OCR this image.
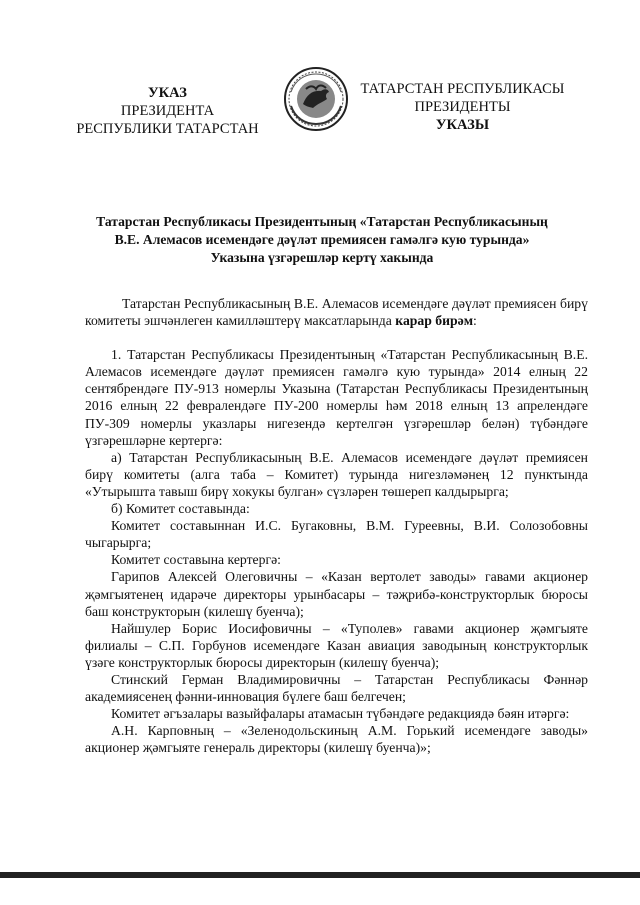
УКАЗ
ПРЕЗИДЕНТА
РЕСПУБЛИКИ ТАТАРСТАН
ТАТАРСТАН РЕСПУБЛИКАСЫ
ПРЕЗИДЕНТЫ
УКАЗЫ
Татарстан Республикасы Президентының «Татарстан Республикасының
В.Е. Алемасов исемендәге дәүләт премиясен гамәлгә кую турында»
Указына үзгәрешләр кертү хакында

Татарстан Республикасының В.Е. Алемасов исемендәге дәүләт премиясен бирү комитеты эшчәнлеген камилләштерү максатларында карар бирәм:

1. Татарстан Республикасы Президентының «Татарстан Республикасының В.Е. Алемасов исемендәге дәүләт премиясен гамәлгә кую турында» 2014 елның 22 сентябрендәге ПУ-913 номерлы Указына (Татарстан Республикасы Президентының 2016 елның 22 февралендәге ПУ-200 номерлы һәм 2018 елның 13 апрелендәге ПУ-309 номерлы указлары нигезендә кертелгән үзгәрешләр белән) түбәндәге үзгәрешләрне кертергә:

а) Татарстан Республикасының В.Е. Алемасов исемендәге дәүләт премиясен бирү комитеты (алга таба – Комитет) турында нигезләмәнең 12 пунктында «Утырышта тавыш бирү хокукы булган» сүзләрен төшереп калдырырга;

б) Комитет составында:

Комитет составыннан И.С. Бугаковны, В.М. Гуреевны, В.И. Солозобовны чыгарырга;

Комитет составына кертергә:

Гарипов Алексей Олеговичны – «Казан вертолет заводы» гавами акционер җәмгыятенең идарәче директоры урынбасары – тәҗрибә-конструкторлык бюросы баш конструкторын (килешү буенча);

Найшулер Борис Иосифовичны – «Туполев» гавами акционер җәмгыяте филиалы – С.П. Горбунов исемендәге Казан авиация заводының конструкторлык үзәге конструкторлык бюросы директорын (килешү буенча);

Стинский Герман Владимировичны – Татарстан Республикасы Фәннәр академиясенең фәнни-инновация бүлеге баш белгечен;

Комитет әгъзалары вазыйфалары атамасын түбәндәге редакциядә бәян итәргә:

А.Н. Карповның – «Зеленодольскиның А.М. Горький исемендәге заводы» акционер җәмгыяте генераль директоры (килешү буенча)»;
